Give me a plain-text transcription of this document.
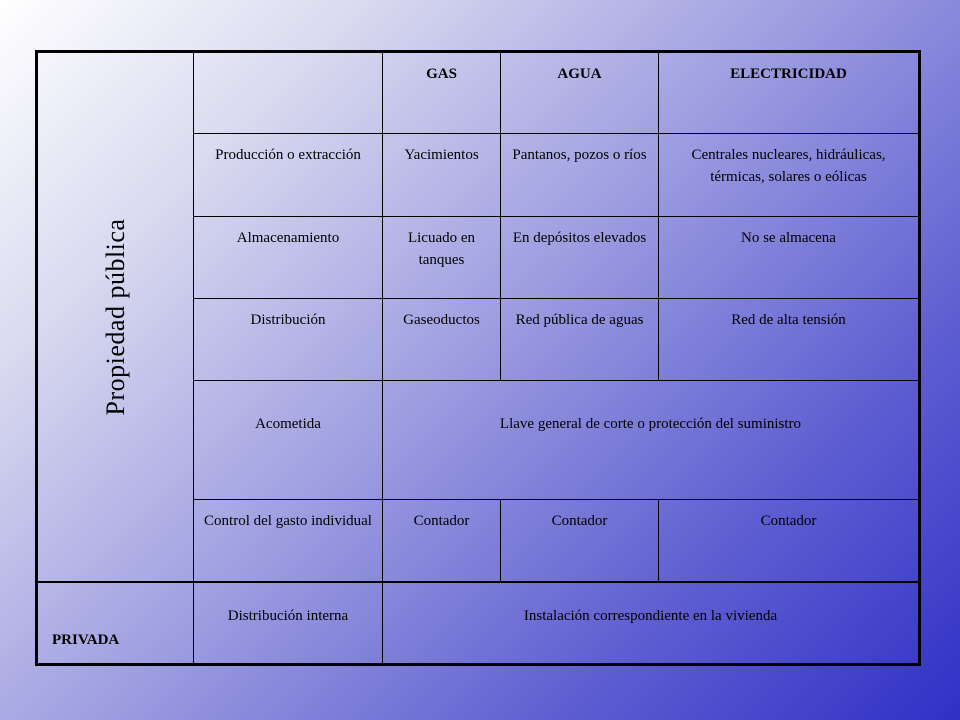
Propiedad pública		GAS	AGUA	ELECTRICIDAD
	Producción o extracción	Yacimientos	Pantanos, pozos o ríos	Centrales nucleares, hidráulicas, térmicas, solares o eólicas
	Almacenamiento	Licuado en tanques	En depósitos elevados	No se almacena
	Distribución	Gaseoductos	Red pública de aguas	Red de alta tensión
	Acometida	Llave general de corte o protección del suministro		
	Control del gasto individual	Contador	Contador	Contador

PRIVADA	Distribución interna	Instalación correspondiente en la vivienda		
